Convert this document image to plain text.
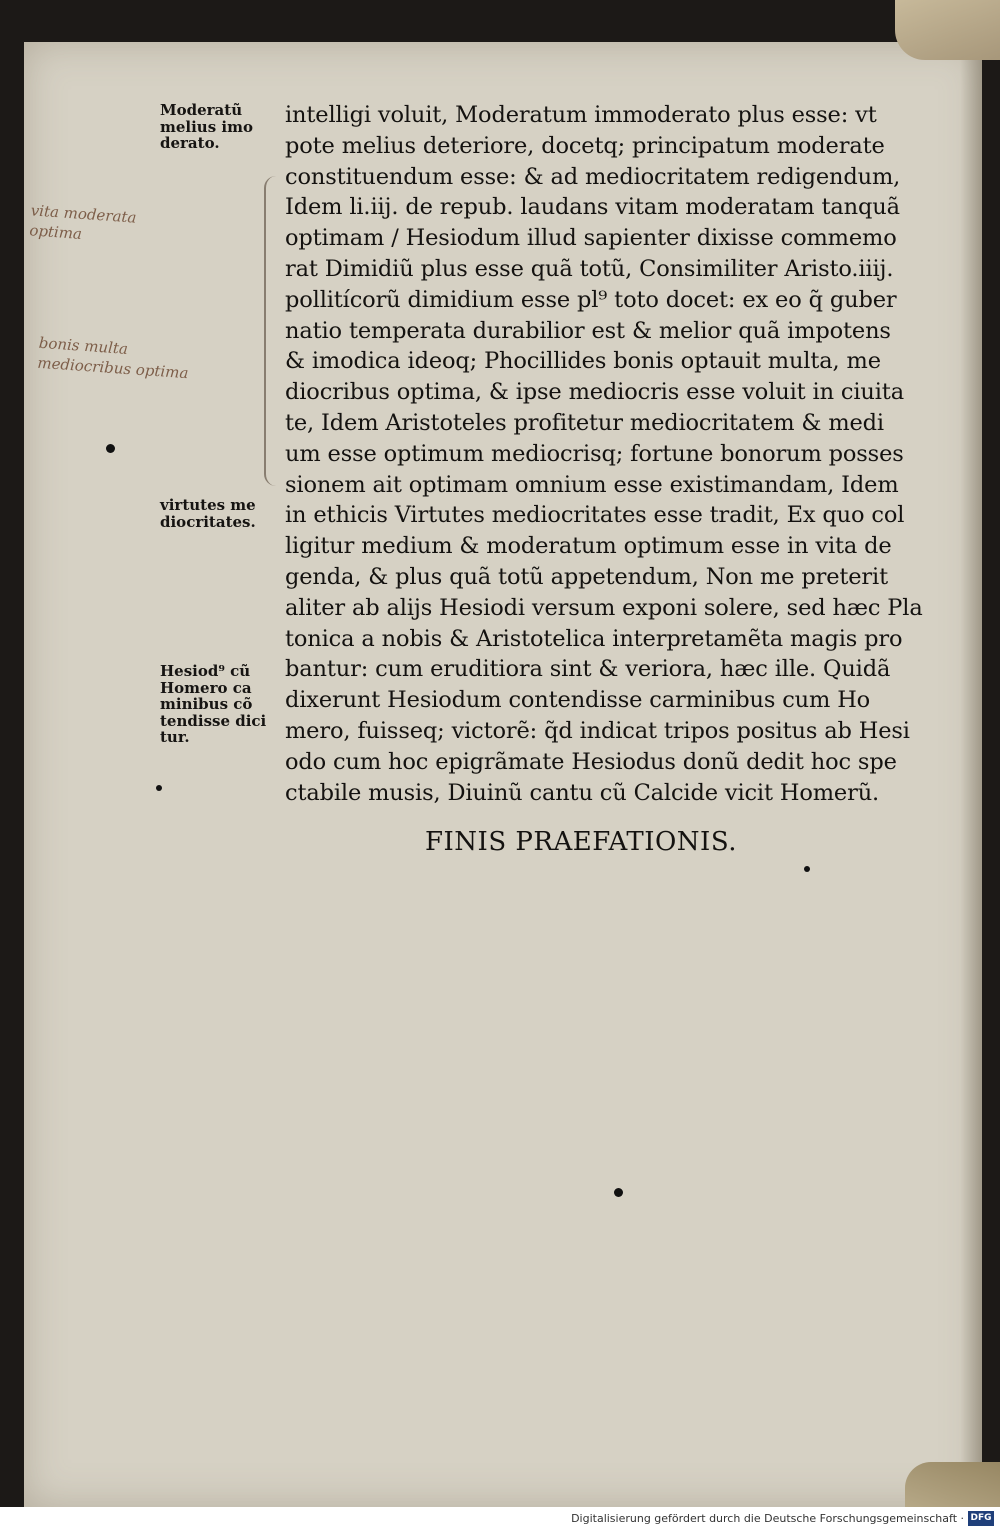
Moderatũ
melius imo
derato.
virtutes me
diocritates.
Hesiod⁹ cũ
Homero ca
minibus cõ
tendisse dici
tur.
vita moderata
optima
bonis multa
mediocribus optima
intelligi voluit, Moderatum immoderato plus esse: vt
pote melius deteriore, docetq; principatum moderate
constituendum esse: & ad mediocritatem redigendum,
Idem li.iij. de repub. laudans vitam moderatam tanquã
optimam / Hesiodum illud sapienter dixisse commemo
rat Dimidiũ plus esse quã totũ, Consimiliter Aristo.iiij.
pollitícorũ dimidium esse pl⁹ toto docet: ex eo q̃ guber
natio temperata durabilior est & melior quã impotens
& imodica ideoq; Phocillides bonis optauit multa, me
diocribus optima, & ipse mediocris esse voluit in ciuita
te, Idem Aristoteles profitetur mediocritatem & medi
um esse optimum mediocrisq; fortune bonorum posses
sionem ait optimam omnium esse existimandam, Idem
in ethicis Virtutes mediocritates esse tradit, Ex quo col
ligitur medium & moderatum optimum esse in vita de
genda, & plus quã totũ appetendum, Non me preterit
aliter ab alijs Hesiodi versum exponi solere, sed hæc Pla
tonica a nobis & Aristotelica interpretamẽta magis pro
bantur: cum eruditiora sint & veriora, hæc ille. Quidã
dixerunt Hesiodum contendisse carminibus cum Ho
mero, fuisseq; victorẽ: q̃d indicat tripos positus ab Hesi
odo cum hoc epigrãmate Hesiodus donũ dedit hoc spe
ctabile musis, Diuinũ cantu cũ Calcide vicit Homerũ.
FINIS PRAEFATIONIS.
Digitalisierung gefördert durch die Deutsche Forschungsgemeinschaft · DFG
